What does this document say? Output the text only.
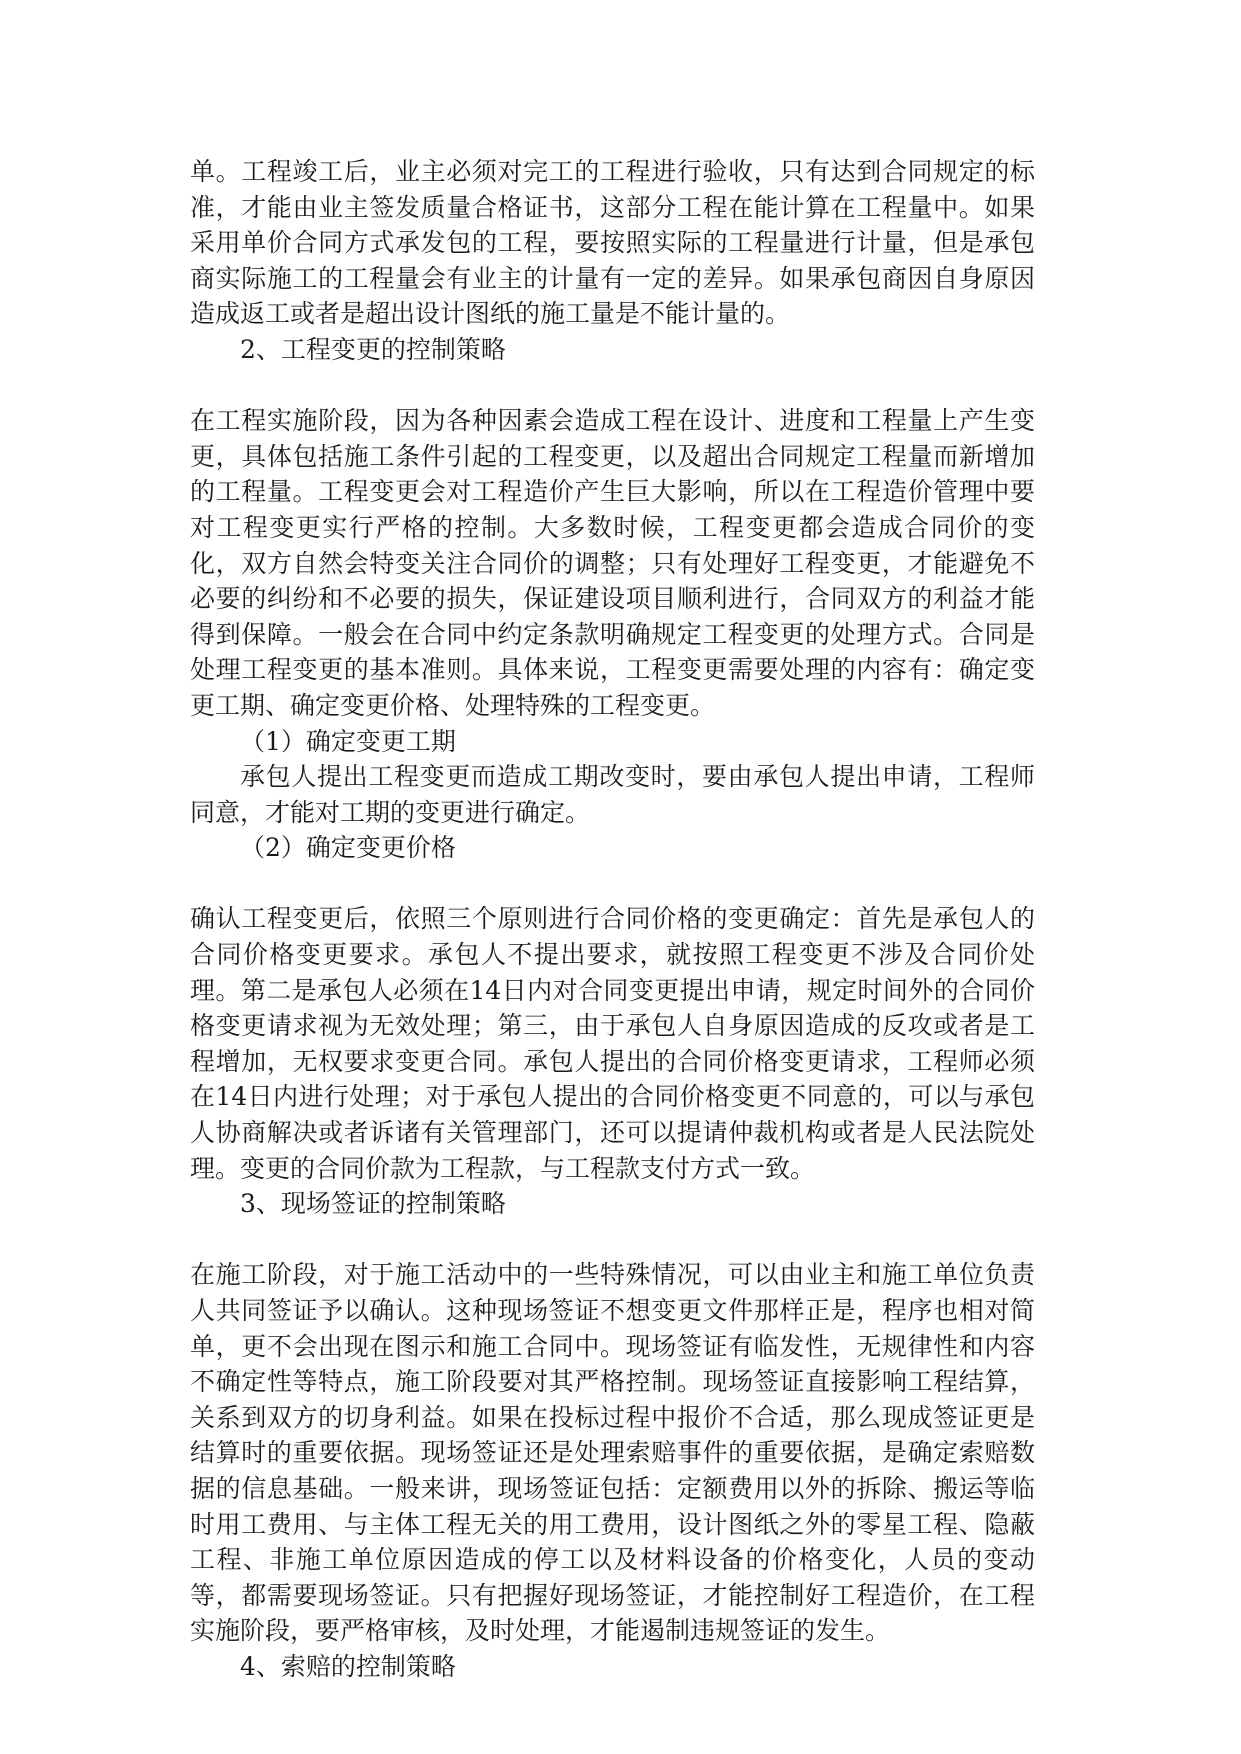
单。工程竣工后，业主必须对完工的工程进行验收，只有达到合同规定的标准，才能由业主签发质量合格证书，这部分工程在能计算在工程量中。如果采用单价合同方式承发包的工程，要按照实际的工程量进行计量，但是承包商实际施工的工程量会有业主的计量有一定的差异。如果承包商因自身原因造成返工或者是超出设计图纸的施工量是不能计量的。

2、工程变更的控制策略

在工程实施阶段，因为各种因素会造成工程在设计、进度和工程量上产生变更，具体包括施工条件引起的工程变更，以及超出合同规定工程量而新增加的工程量。工程变更会对工程造价产生巨大影响，所以在工程造价管理中要对工程变更实行严格的控制。大多数时候，工程变更都会造成合同价的变化，双方自然会特变关注合同价的调整；只有处理好工程变更，才能避免不必要的纠纷和不必要的损失，保证建设项目顺利进行，合同双方的利益才能得到保障。一般会在合同中约定条款明确规定工程变更的处理方式。合同是处理工程变更的基本准则。具体来说，工程变更需要处理的内容有：确定变更工期、确定变更价格、处理特殊的工程变更。

（1）确定变更工期

承包人提出工程变更而造成工期改变时，要由承包人提出申请，工程师同意，才能对工期的变更进行确定。

（2）确定变更价格

确认工程变更后，依照三个原则进行合同价格的变更确定：首先是承包人的合同价格变更要求。承包人不提出要求，就按照工程变更不涉及合同价处理。第二是承包人必须在14日内对合同变更提出申请，规定时间外的合同价格变更请求视为无效处理；第三，由于承包人自身原因造成的反攻或者是工程增加，无权要求变更合同。承包人提出的合同价格变更请求，工程师必须在14日内进行处理；对于承包人提出的合同价格变更不同意的，可以与承包人协商解决或者诉诸有关管理部门，还可以提请仲裁机构或者是人民法院处理。变更的合同价款为工程款，与工程款支付方式一致。

3、现场签证的控制策略

在施工阶段，对于施工活动中的一些特殊情况，可以由业主和施工单位负责人共同签证予以确认。这种现场签证不想变更文件那样正是，程序也相对简单，更不会出现在图示和施工合同中。现场签证有临发性，无规律性和内容不确定性等特点，施工阶段要对其严格控制。现场签证直接影响工程结算，关系到双方的切身利益。如果在投标过程中报价不合适，那么现成签证更是结算时的重要依据。现场签证还是处理索赔事件的重要依据，是确定索赔数据的信息基础。一般来讲，现场签证包括：定额费用以外的拆除、搬运等临时用工费用、与主体工程无关的用工费用，设计图纸之外的零星工程、隐蔽工程、非施工单位原因造成的停工以及材料设备的价格变化，人员的变动等，都需要现场签证。只有把握好现场签证，才能控制好工程造价，在工程实施阶段，要严格审核，及时处理，才能遏制违规签证的发生。

4、索赔的控制策略
